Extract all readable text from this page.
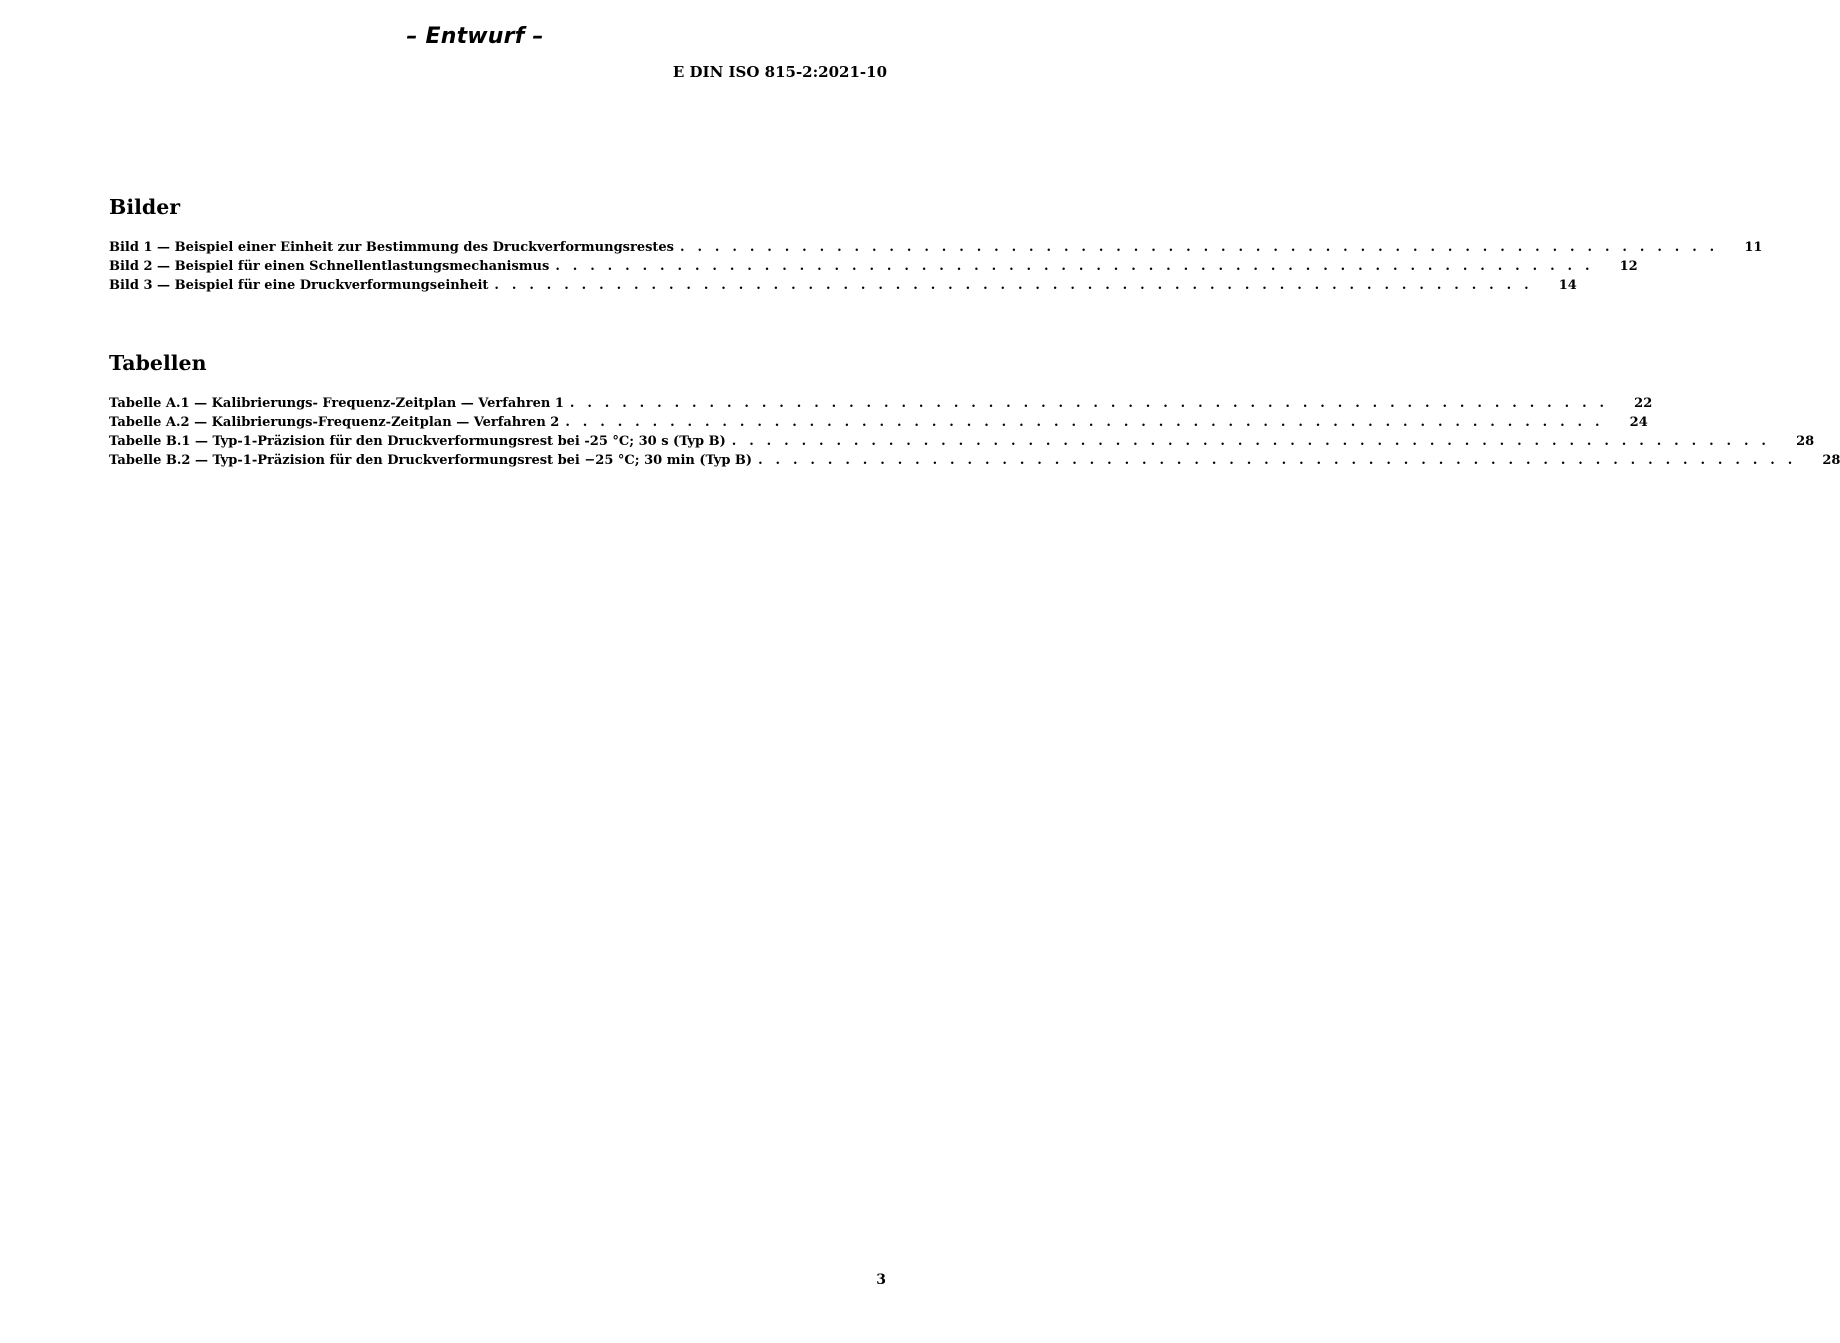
– Entwurf –
E DIN ISO 815-2:2021-10
Bilder
Bild 1 — Beispiel einer Einheit zur Bestimmung des Druckverformungsrestes . . . . . . . . . . . . . . . . . . . . . . . . . . . . . . . . . . . . . . . . . . . . . . . . . . . . . . . . . . . .	11
Bild 2 — Beispiel für einen Schnellentlastungsmechanismus . . . . . . . . . . . . . . . . . . . . . . . . . . . . . . . . . . . . . . . . . . . . . . . . . . . . . . . . . . . .	12
Bild 3 — Beispiel für eine Druckverformungseinheit . . . . . . . . . . . . . . . . . . . . . . . . . . . . . . . . . . . . . . . . . . . . . . . . . . . . . . . . . . . .	14
Tabellen
Tabelle A.1 — Kalibrierungs- Frequenz-Zeitplan — Verfahren 1 . . . . . . . . . . . . . . . . . . . . . . . . . . . . . . . . . . . . . . . . . . . . . . . . . . . . . . . . . . . .	22
Tabelle A.2 — Kalibrierungs-Frequenz-Zeitplan — Verfahren 2 . . . . . . . . . . . . . . . . . . . . . . . . . . . . . . . . . . . . . . . . . . . . . . . . . . . . . . . . . . . .	24
Tabelle B.1 — Typ-1-Präzision für den Druckverformungsrest bei -25 °C; 30 s (Typ B) . . . . . . . . . . . . . . . . . . . . . . . . . . . . . . . . . . . . . . . . . . . . . . . . . . . . . . . . . . . .	28
Tabelle B.2 — Typ-1-Präzision für den Druckverformungsrest bei −25 °C; 30 min (Typ B) . . . . . . . . . . . . . . . . . . . . . . . . . . . . . . . . . . . . . . . . . . . . . . . . . . . . . . . . . . . .	28
3
